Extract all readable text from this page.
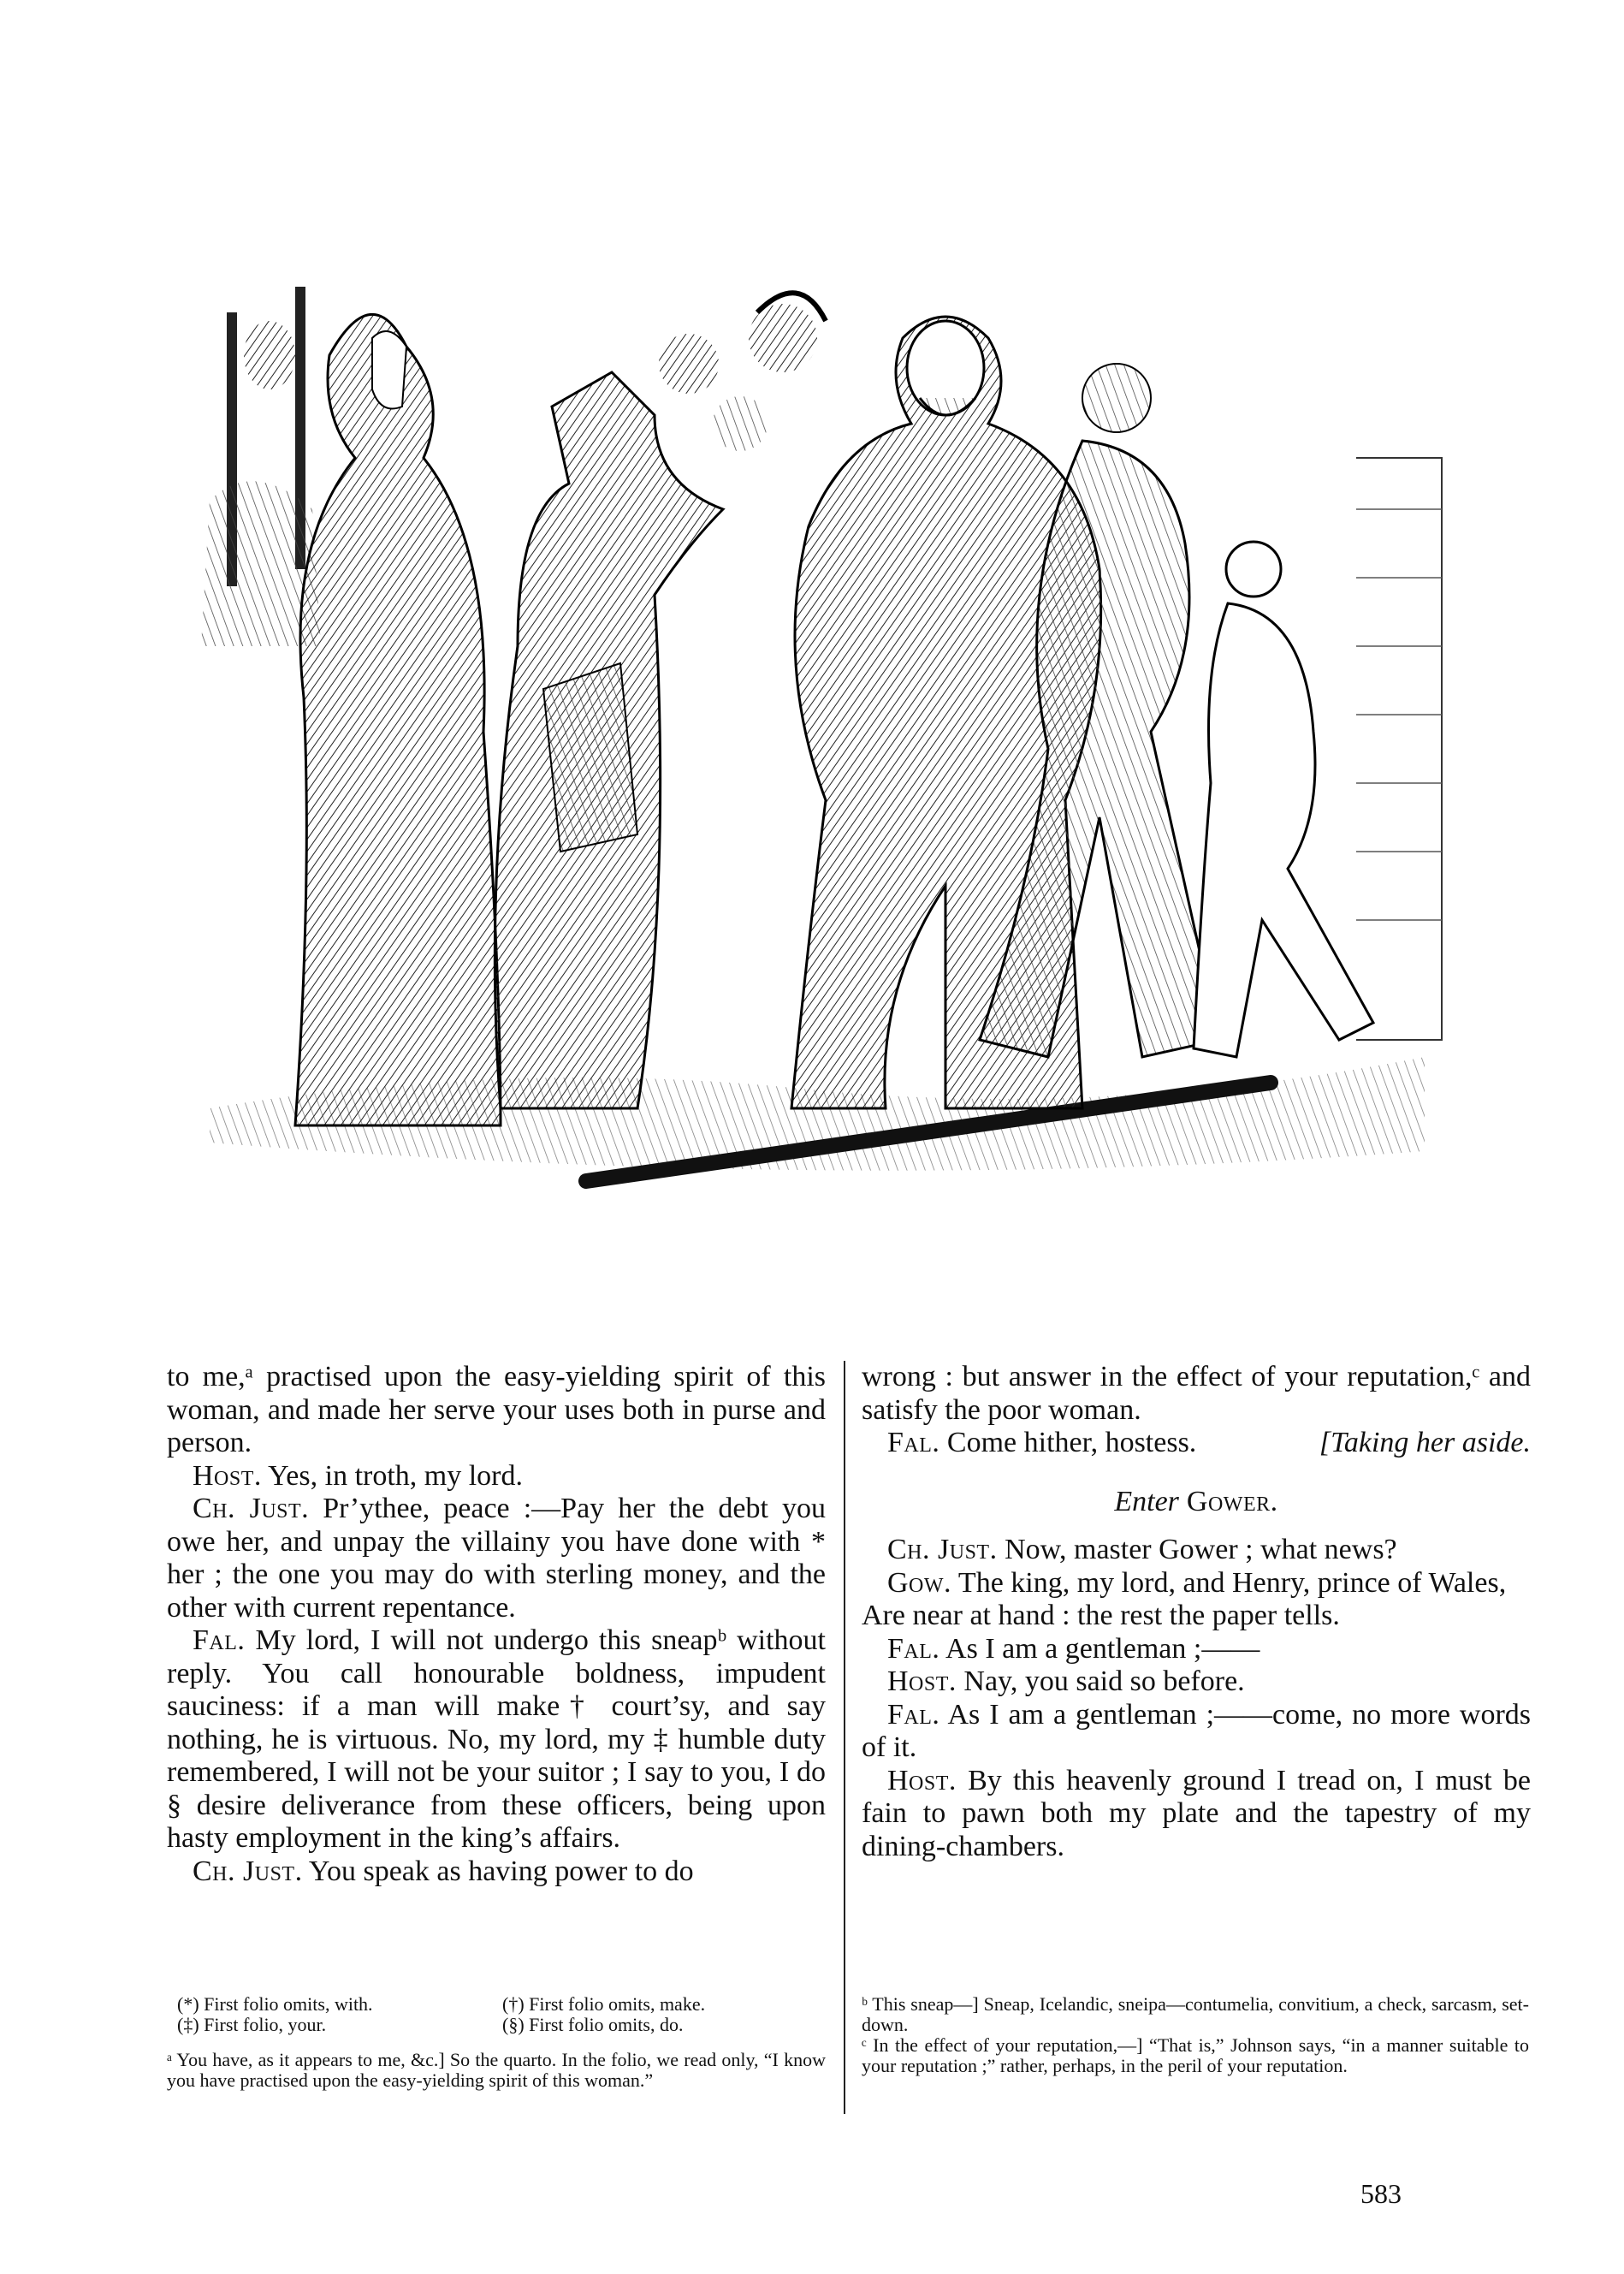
to me,ᵃ practised upon the easy-yielding spirit of this woman, and made her serve your uses both in purse and person.

Host. Yes, in troth, my lord.

Ch. Just. Pr’ythee, peace :—Pay her the debt you owe her, and unpay the villainy you have done with * her ; the one you may do with sterling money, and the other with current repentance.

Fal. My lord, I will not undergo this sneapᵇ without reply. You call honourable boldness, impudent sauciness: if a man will make† court’sy, and say nothing, he is virtuous. No, my lord, my ‡ humble duty remembered, I will not be your suitor ; I say to you, I do § desire deliverance from these officers, being upon hasty employment in the king’s affairs.

Ch. Just. You speak as having power to do

wrong : but answer in the effect of your reputation,ᶜ and satisfy the poor woman.

Fal. Come hither, hostess.	[Taking her aside.

Enter Gower.

Ch. Just. Now, master Gower ; what news?

Gow. The king, my lord, and Henry, prince of Wales,

Are near at hand : the rest the paper tells.

Fal. As I am a gentleman ;——

Host. Nay, you said so before.

Fal. As I am a gentleman ;——come, no more words of it.

Host. By this heavenly ground I tread on, I must be fain to pawn both my plate and the tapestry of my dining-chambers.

(*) First folio omits, with.	(†) First folio omits, make.
(‡) First folio, your.	(§) First folio omits, do.

ᵃ You have, as it appears to me, &c.] So the quarto. In the folio, we read only, “I know you have practised upon the easy-yielding spirit of this woman.”

ᵇ This sneap—] Sneap, Icelandic, sneipa—contumelia, convitium, a check, sarcasm, set-down.

ᶜ In the effect of your reputation,—] “That is,” Johnson says, “in a manner suitable to your reputation ;” rather, perhaps, in the peril of your reputation.

583
